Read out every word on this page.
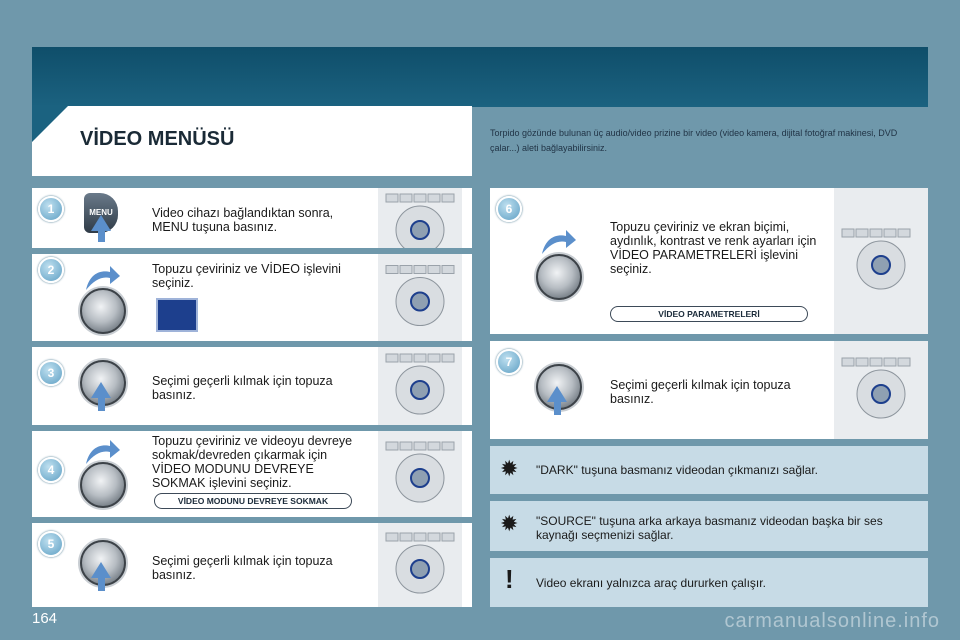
VİDEO MENÜSÜ	Torpido gözünde bulunan üç audio/video prizine bir video (video kamera, dijital fotoğraf makinesi, DVD çalar...) aleti bağlayabilirsiniz.
1	MENU	Video cihazı bağlandıktan sonra, MENU tuşuna basınız.
2	Topuzu çeviriniz ve VİDEO işlevini seçiniz.
3
Seçimi geçerli kılmak için topuza basınız.
4
Topuzu çeviriniz ve videoyu devreye sokmak/devreden çıkarmak için VİDEO MODUNU DEVREYE SOKMAK işlevini seçiniz.
VİDEO MODUNU DEVREYE SOKMAK
5
Seçimi geçerli kılmak için topuza basınız.
6
Topuzu çeviriniz ve ekran biçimi, aydınlık, kontrast ve renk ayarları için VİDEO PARAMETRELERİ işlevini seçiniz.
VİDEO PARAMETRELERİ
7
Seçimi geçerli kılmak için topuza basınız.
✹ "DARK" tuşuna basmanız videodan çıkmanızı sağlar.
✹ "SOURCE" tuşuna arka arkaya basmanız videodan başka bir ses kaynağı seçmenizi sağlar.
! Video ekranı yalnızca araç dururken çalışır.
164	carmanualsonline.info
